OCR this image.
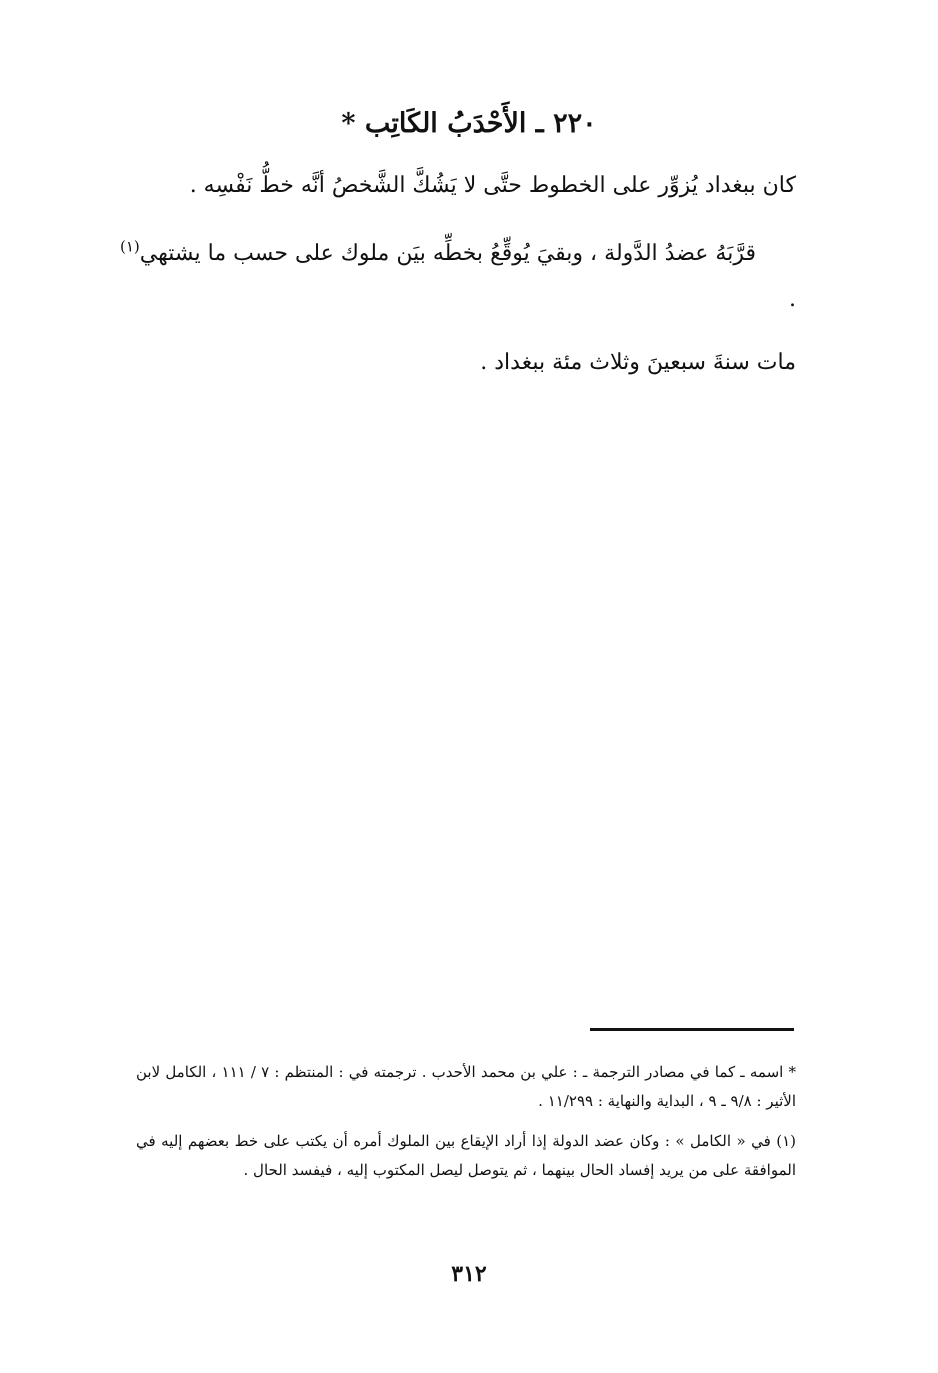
٢٢٠ ـ الأَحْدَبُ الكَاتِب *
كان ببغداد يُزوِّر على الخطوط حتَّى لا يَشُكَّ الشَّخصُ أنَّه خطُّ نَفْسِه .
قرَّبَهُ عضدُ الدَّولة ، وبقيَ يُوقِّعُ بخطِّه بيَن ملوك على حسب ما يشتهي$^{(١)}$ .
مات سنةَ سبعينَ وثلاث مئة ببغداد .
* اسمه ـ كما في مصادر الترجمة ـ : علي بن محمد الأحدب . ترجمته في : المنتظم : ٧ / ١١١ ، الكامل لابن الأثير : ٩/٨ ـ ٩ ، البداية والنهاية : ١١/٢٩٩ .
(١) في « الكامل » : وكان عضد الدولة إذا أراد الإيقاع بين الملوك أمره أن يكتب على خط بعضهم إليه في الموافقة على من يريد إفساد الحال بينهما ، ثم يتوصل ليصل المكتوب إليه ، فيفسد الحال .
٣١٢
